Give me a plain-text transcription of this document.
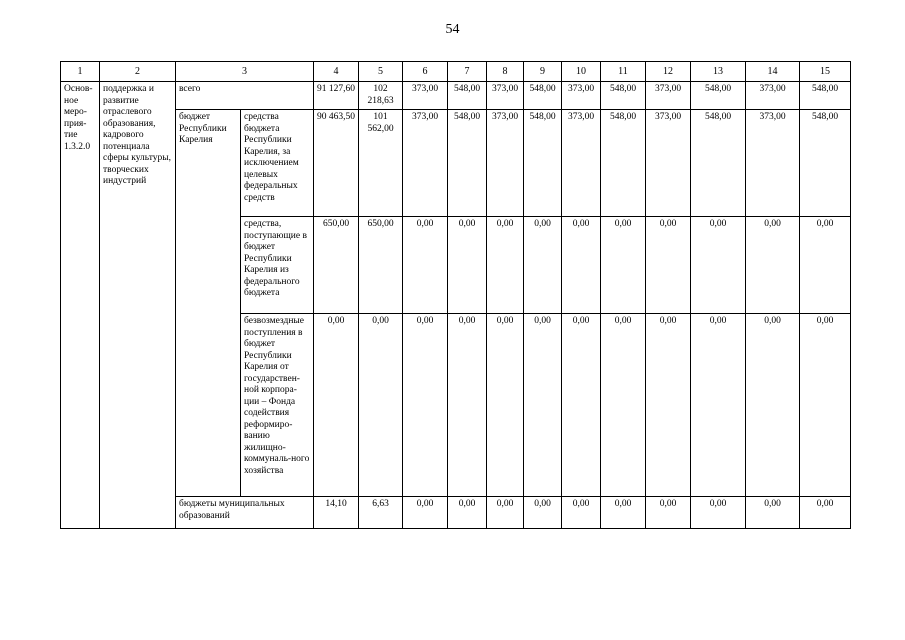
54
1	2	3		4	5	6	7	8	9	10	11	12	13	14	15
Основ-ное меро-прия-тие 1.3.2.0	поддержка и развитие отраслевого образования, кадрового потенциала сферы культуры, творческих индустрий	всего		91 127,60	102 218,63	373,00	548,00	373,00	548,00	373,00	548,00	373,00	548,00	373,00	548,00
		бюджет Республики Карелия	средства бюджета Республики Карелия, за исключением целевых федеральных средств	90 463,50	101 562,00	373,00	548,00	373,00	548,00	373,00	548,00	373,00	548,00	373,00	548,00
			средства, поступающие в бюджет Республики Карелия из федерального бюджета	650,00	650,00	0,00	0,00	0,00	0,00	0,00	0,00	0,00	0,00	0,00	0,00
			безвозмездные поступления в бюджет Республики Карелия от государствен-ной корпора-ции – Фонда содействия реформиро-ванию жилищно-коммуналь-ного хозяйства	0,00	0,00	0,00	0,00	0,00	0,00	0,00	0,00	0,00	0,00	0,00	0,00
		бюджеты муниципальных образований		14,10	6,63	0,00	0,00	0,00	0,00	0,00	0,00	0,00	0,00	0,00	0,00
